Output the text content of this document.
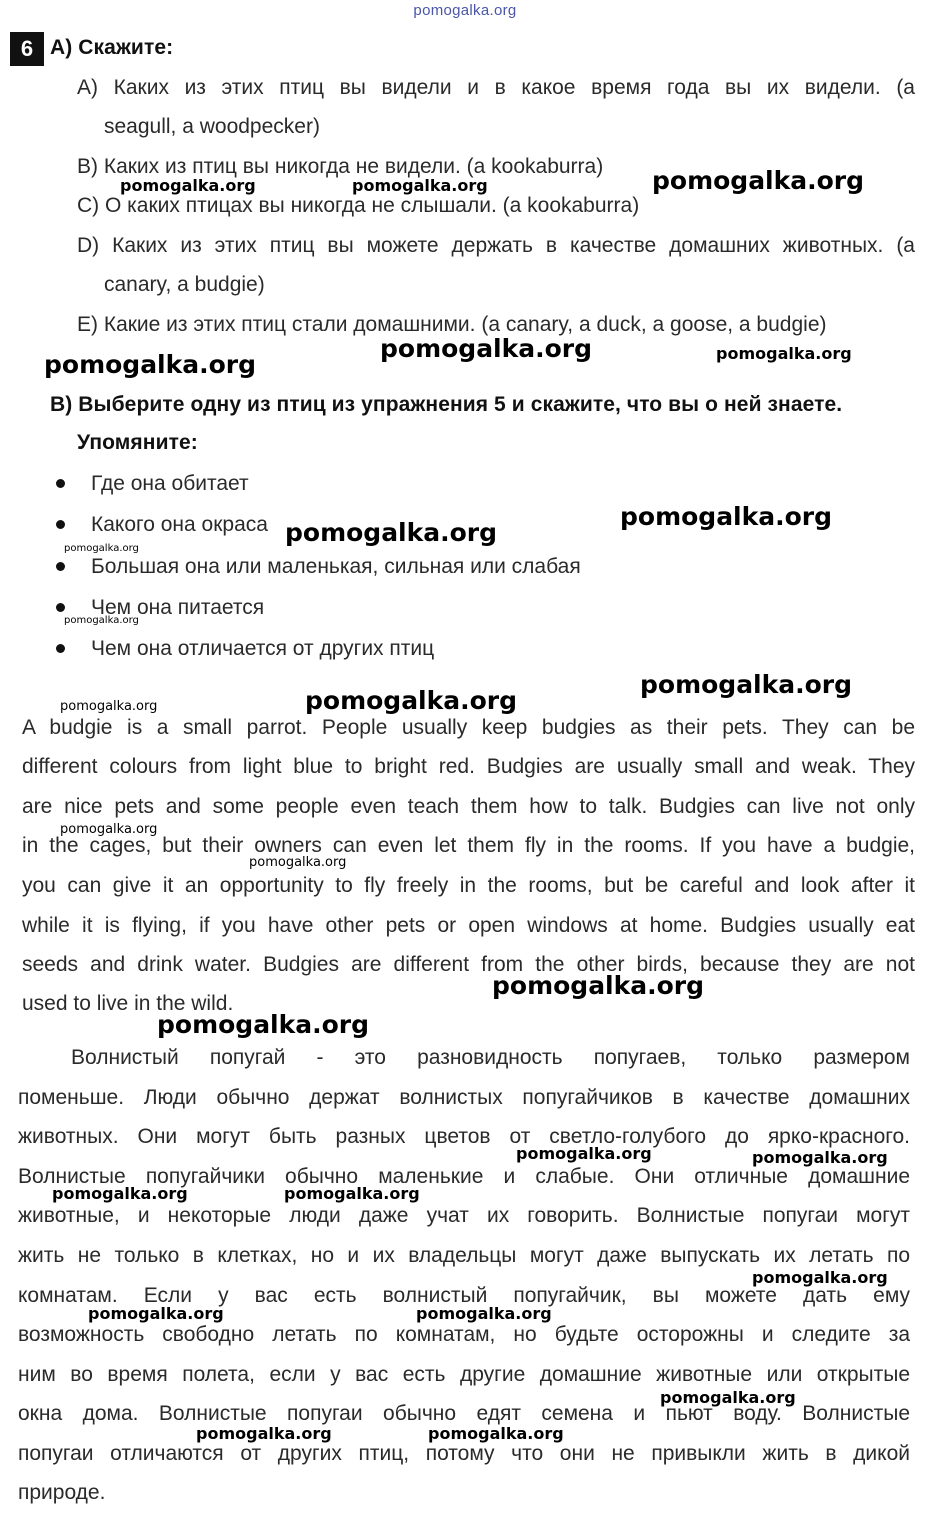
pomogalka.org
6 A) Скажите:
A) Каких из этих птиц вы видели и в какое время года вы их видели. (a
seagull, a woodpecker)
B) Каких из птиц вы никогда не видели. (a kookaburra)
C) О каких птицах вы никогда не слышали. (a kookaburra)
D) Каких из этих птиц вы можете держать в качестве домашних животных. (a
canary, a budgie)
E) Какие из этих птиц стали домашними. (a canary, a duck, a goose, a budgie)
B) Выберите одну из птиц из упражнения 5 и скажите, что вы о ней знаете.
Упомяните:
Где она обитает
Какого она окраса
Большая она или маленькая, сильная или слабая
Чем она питается
Чем она отличается от других птиц
A budgie is a small parrot. People usually keep budgies as their pets. They can be
different colours from light blue to bright red. Budgies are usually small and weak. They
are nice pets and some people even teach them how to talk. Budgies can live not only
in the cages, but their owners can even let them fly in the rooms. If you have a budgie,
you can give it an opportunity to fly freely in the rooms, but be careful and look after it
while it is flying, if you have other pets or open windows at home. Budgies usually eat
seeds and drink water. Budgies are different from the other birds, because they are not
used to live in the wild.
Волнистый попугай - это разновидность попугаев, только размером
поменьше. Люди обычно держат волнистых попугайчиков в качестве домашних
животных. Они могут быть разных цветов от светло-голубого до ярко-красного.
Волнистые попугайчики обычно маленькие и слабые. Они отличные домашние
животные, и некоторые люди даже учат их говорить. Волнистые попугаи могут
жить не только в клетках, но и их владельцы могут даже выпускать их летать по
комнатам. Если у вас есть волнистый попугайчик, вы можете дать ему
возможность свободно летать по комнатам, но будьте осторожны и следите за
ним во время полета, если у вас есть другие домашние животные или открытые
окна дома. Волнистые попугаи обычно едят семена и пьют воду. Волнистые
попугаи отличаются от других птиц, потому что они не привыкли жить в дикой
природе.
pomogalka.org	pomogalka.org	pomogalka.org
pomogalka.org
pomogalka.org	pomogalka.org
pomogalka.org
pomogalka.org
pomogalka.org
pomogalka.org
pomogalka.org	pomogalka.org
pomogalka.org
pomogalka.org
pomogalka.org
pomogalka.org
pomogalka.org
pomogalka.org	pomogalka.org
pomogalka.org	pomogalka.org
pomogalka.org
pomogalka.org	pomogalka.org
pomogalka.org
pomogalka.org	pomogalka.org
